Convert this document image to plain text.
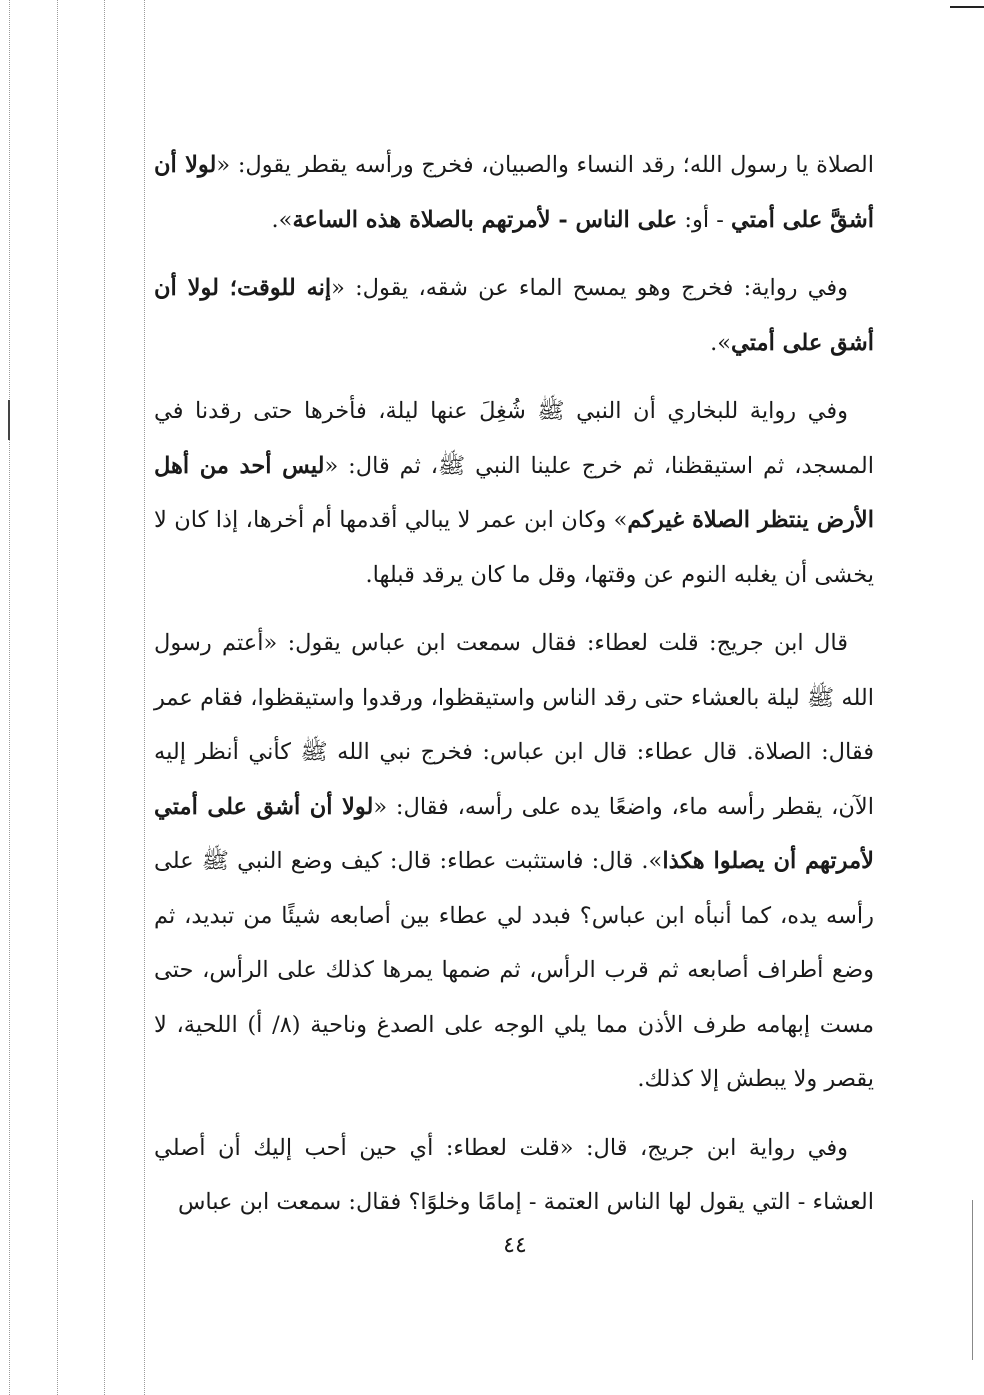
الصلاة يا رسول الله؛ رقد النساء والصبيان، فخرج ورأسه يقطر يقول: «لولا أن أشقَّ على أمتي - أو: على الناس - لأمرتهم بالصلاة هذه الساعة».

وفي رواية: فخرج وهو يمسح الماء عن شقه، يقول: «إنه للوقت؛ لولا أن أشق على أمتي».

وفي رواية للبخاري أن النبي ﷺ شُغِلَ عنها ليلة، فأخرها حتى رقدنا في المسجد، ثم استيقظنا، ثم خرج علينا النبي ﷺ، ثم قال: «ليس أحد من أهل الأرض ينتظر الصلاة غيركم» وكان ابن عمر لا يبالي أقدمها أم أخرها، إذا كان لا يخشى أن يغلبه النوم عن وقتها، وقل ما كان يرقد قبلها.

قال ابن جريج: قلت لعطاء: فقال سمعت ابن عباس يقول: «أعتم رسول الله ﷺ ليلة بالعشاء حتى رقد الناس واستيقظوا، ورقدوا واستيقظوا، فقام عمر فقال: الصلاة. قال عطاء: قال ابن عباس: فخرج نبي الله ﷺ كأني أنظر إليه الآن، يقطر رأسه ماء، واضعًا يده على رأسه، فقال: «لولا أن أشق على أمتي لأمرتهم أن يصلوا هكذا». قال: فاستثبت عطاء: قال: كيف وضع النبي ﷺ على رأسه يده، كما أنبأه ابن عباس؟ فبدد لي عطاء بين أصابعه شيئًا من تبديد، ثم وضع أطراف أصابعه ثم قرب الرأس، ثم ضمها يمرها كذلك على الرأس، حتى مست إبهامه طرف الأذن مما يلي الوجه على الصدغ وناحية (٨/ أ) اللحية، لا يقصر ولا يبطش إلا كذلك.

وفي رواية ابن جريج، قال: «قلت لعطاء: أي حين أحب إليك أن أصلي العشاء - التي يقول لها الناس العتمة - إمامًا وخلوًا؟ فقال: سمعت ابن عباس

٤٤
